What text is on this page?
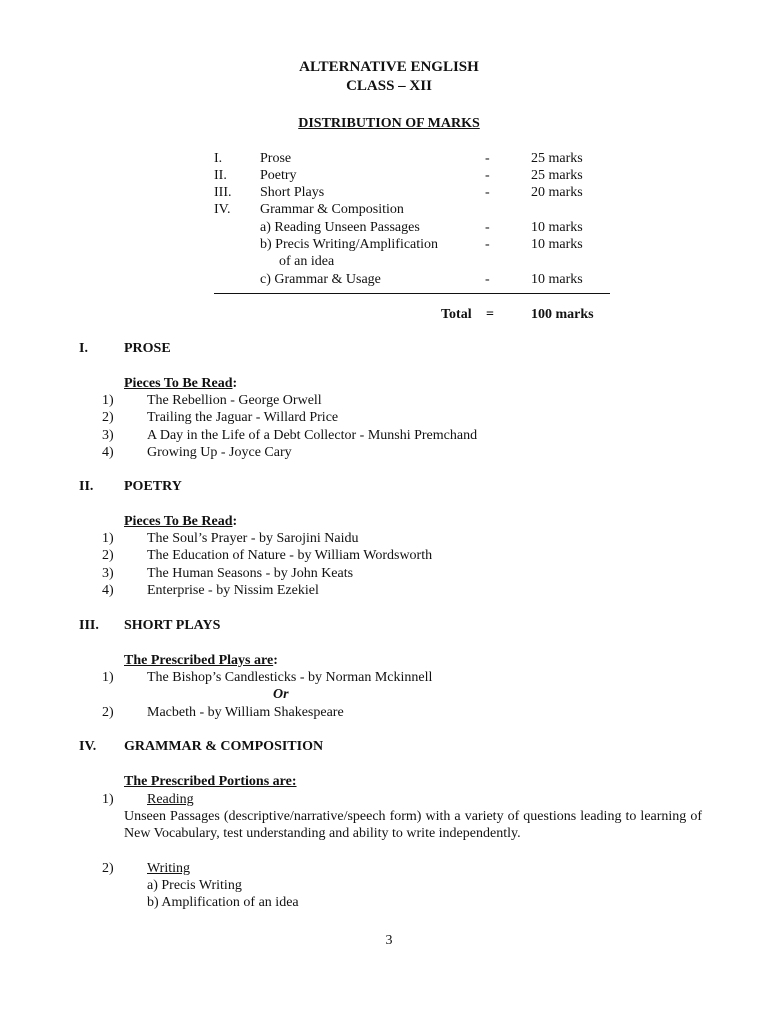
ALTERNATIVE ENGLISH
CLASS – XII
DISTRIBUTION OF MARKS
I.	Prose	-	25 marks
II. Poetry	-	25 marks
III. Short Plays	-	20 marks
IV. Grammar & Composition
a) Reading Unseen Passages	-	10 marks
b) Precis Writing/Amplification	-	10 marks
of an idea
c) Grammar & Usage	-	10 marks
Total =	100 marks
I.	PROSE
Pieces To Be Read:
1) The Rebellion - George Orwell
2) Trailing the Jaguar - Willard Price
3) A Day in the Life of a Debt Collector - Munshi Premchand
4) Growing Up - Joyce Cary
II. POETRY
Pieces To Be Read:
1) The Soul’s Prayer - by Sarojini Naidu
2) The Education of Nature - by William Wordsworth
3) The Human Seasons - by John Keats
4) Enterprise - by Nissim Ezekiel
III. SHORT PLAYS
The Prescribed Plays are:
1) The Bishop’s Candlesticks - by Norman Mckinnell
Or
2) Macbeth - by William Shakespeare
IV. GRAMMAR & COMPOSITION
The Prescribed Portions are:
1) Reading
Unseen Passages (descriptive/narrative/speech form) with a variety of questions leading to learning of New Vocabulary, test understanding and ability to write independently.
2) Writing
a) Precis Writing
b) Amplification of an idea
3
